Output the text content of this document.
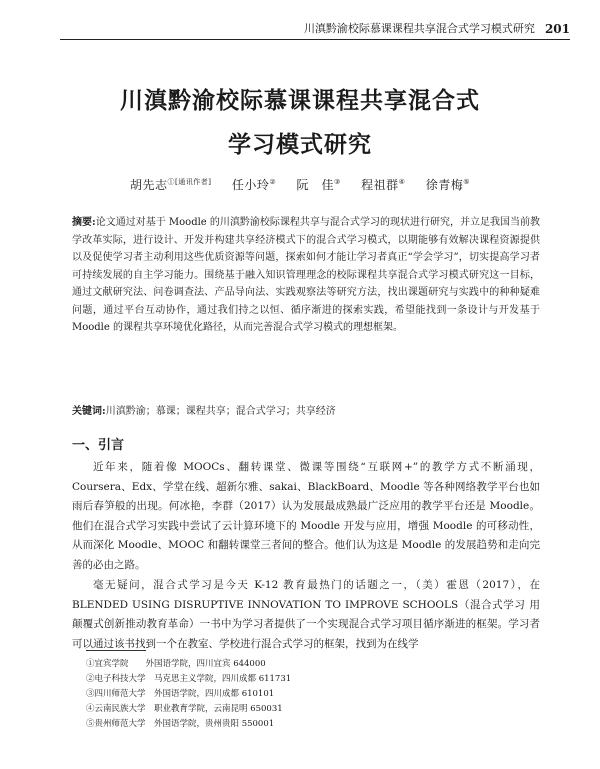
川滇黔渝校际慕课课程共享混合式学习模式研究 201
川滇黔渝校际慕课课程共享混合式
学习模式研究
胡先志$^{①[通讯作者]}$ 任小玲② 阮　佳③ 程祖群④ 徐青梅⑤
摘要:论文通过对基于 Moodle 的川滇黔渝校际课程共享与混合式学习的现状进行研究，并立足我国当前教学改革实际，进行设计、开发并构建共享经济模式下的混合式学习模式，以期能够有效解决课程资源提供以及促使学习者主动利用这些优质资源等问题，探索如何才能让学习者真正“学会学习”，切实提高学习者可持续发展的自主学习能力。围绕基于融入知识管理理念的校际课程共享混合式学习模式研究这一目标，通过文献研究法、问卷调查法、产品导向法、实践观察法等研究方法，找出课题研究与实践中的种种疑难问题，通过平台互动协作，通过我们持之以恒、循序渐进的探索实践，希望能找到一条设计与开发基于 Moodle 的课程共享环境优化路径，从而完善混合式学习模式的理想框架。
关键词:川滇黔渝；慕课；课程共享；混合式学习；共享经济
一、引言
近年来，随着像 MOOCs、翻转课堂、微课等围绕“互联网+”的教学方式不断涌现，Coursera、Edx、学堂在线、超新尔雅、sakai、BlackBoard、Moodle 等各种网络教学平台也如雨后春笋般的出现。何冰艳，李群（2017）认为发展最成熟最广泛应用的教学平台还是 Moodle。他们在混合式学习实践中尝试了云计算环境下的 Moodle 开发与应用，增强 Moodle 的可移动性，从而深化 Moodle、MOOC 和翻转课堂三者间的整合。他们认为这是 Moodle 的发展趋势和走向完善的必由之路。
毫无疑问，混合式学习是今天 K-12 教育最热门的话题之一，（美）霍恩（2017），在 BLENDED USING DISRUPTIVE INNOVATION TO IMPROVE SCHOOLS（混合式学习 用颠覆式创新推动教育革命）一书中为学习者提供了一个实现混合式学习项目循序渐进的框架。学习者可以通过该书找到一个在教室、学校进行混合式学习的框架，找到为在线学
①宜宾学院　　外国语学院，四川宜宾 644000
②电子科技大学　马克思主义学院，四川成都 611731
③四川师范大学　外国语学院，四川成都 610101
④云南民族大学　职业教育学院，云南昆明 650031
⑤贵州师范大学　外国语学院，贵州贵阳 550001
